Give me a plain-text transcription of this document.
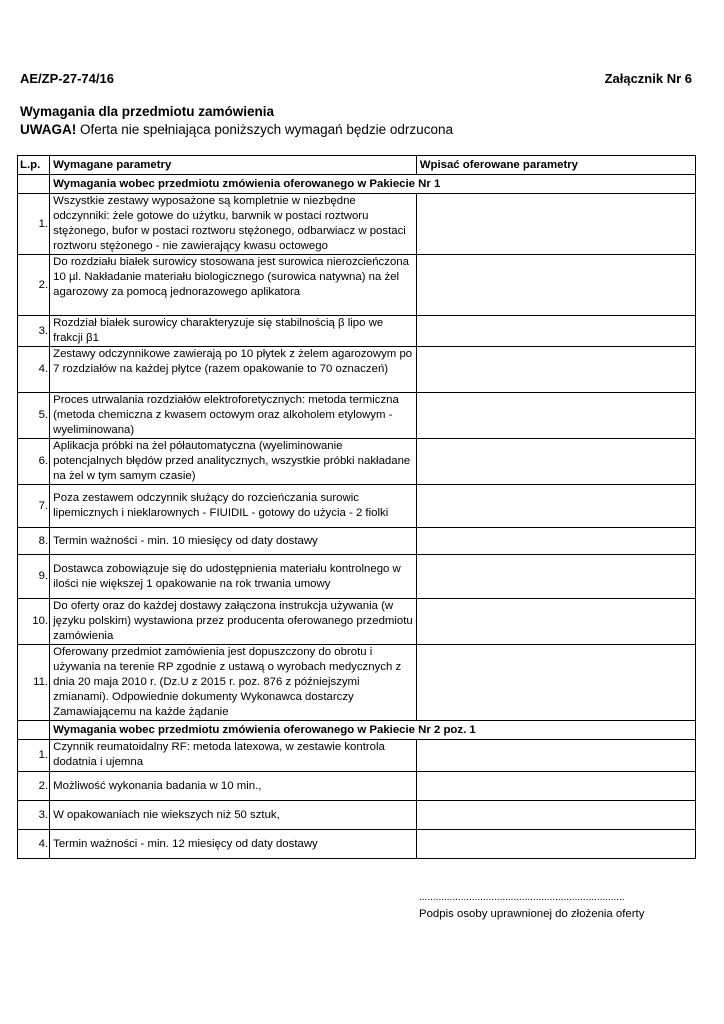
AE/ZP-27-74/16	Załącznik Nr 6
Wymagania dla przedmiotu zamówienia
UWAGA! Oferta nie spełniająca poniższych wymagań będzie odrzucona
L.p.	Wymagane parametry	Wpisać oferowane parametry
	Wymagania wobec przedmiotu zmówienia oferowanego w Pakiecie Nr 1	
1.	Wszystkie zestawy wyposażone są kompletnie w niezbędne odczynniki: żele gotowe do użytku, barwnik w postaci roztworu stężonego, bufor w postaci roztworu stężonego, odbarwiacz w postaci roztworu stężonego - nie zawierający kwasu octowego	
2.	Do rozdziału białek surowicy stosowana jest surowica nierozcieńczona 10 µl. Nakładanie materiału biologicznego (surowica natywna) na żel agarozowy za pomocą jednorazowego aplikatora	
3.	Rozdział białek surowicy charakteryzuje się stabilnością β lipo we frakcji β1	
4.	Zestawy odczynnikowe zawierają po 10 płytek z żelem agarozowym po 7 rozdziałów na każdej płytce (razem opakowanie to 70 oznaczeń)	
5.	Proces utrwalania rozdziałów elektroforetycznych: metoda termiczna (metoda chemiczna z kwasem octowym oraz alkoholem etylowym - wyeliminowana)	
6.	Aplikacja próbki na żel półautomatyczna (wyeliminowanie potencjalnych błędów przed analitycznych, wszystkie próbki nakładane na żel w tym samym czasie)	
7.	Poza zestawem odczynnik służący do rozcieńczania surowic lipemicznych i nieklarownych - FIUIDIL - gotowy do użycia - 2 fiolki	
8.	Termin ważności - min. 10 miesięcy od daty dostawy	
9.	Dostawca zobowiązuje się do udostępnienia materiału kontrolnego w ilości nie większej 1 opakowanie na rok trwania umowy	
10.	Do oferty oraz do każdej dostawy załączona instrukcja używania (w języku polskim) wystawiona przez producenta oferowanego przedmiotu zamówienia	
11.	Oferowany przedmiot zamówienia jest dopuszczony do obrotu i używania na terenie RP zgodnie z ustawą o wyrobach medycznych z dnia 20 maja 2010 r. (Dz.U z 2015 r. poz. 876 z późniejszymi zmianami). Odpowiednie dokumenty Wykonawca dostarczy Zamawiającemu na każde żądanie	
	Wymagania wobec przedmiotu zmówienia oferowanego w Pakiecie Nr 2 poz. 1	
1.	Czynnik reumatoidalny RF: metoda latexowa, w zestawie kontrola dodatnia i ujemna	
2.	Możliwość wykonania badania w 10 min.,	
3.	W opakowaniach nie wiekszych niż 50 sztuk,	
4.	Termin ważności - min. 12 miesięcy od daty dostawy	
..........................................................................
Podpis osoby uprawnionej do złożenia oferty
